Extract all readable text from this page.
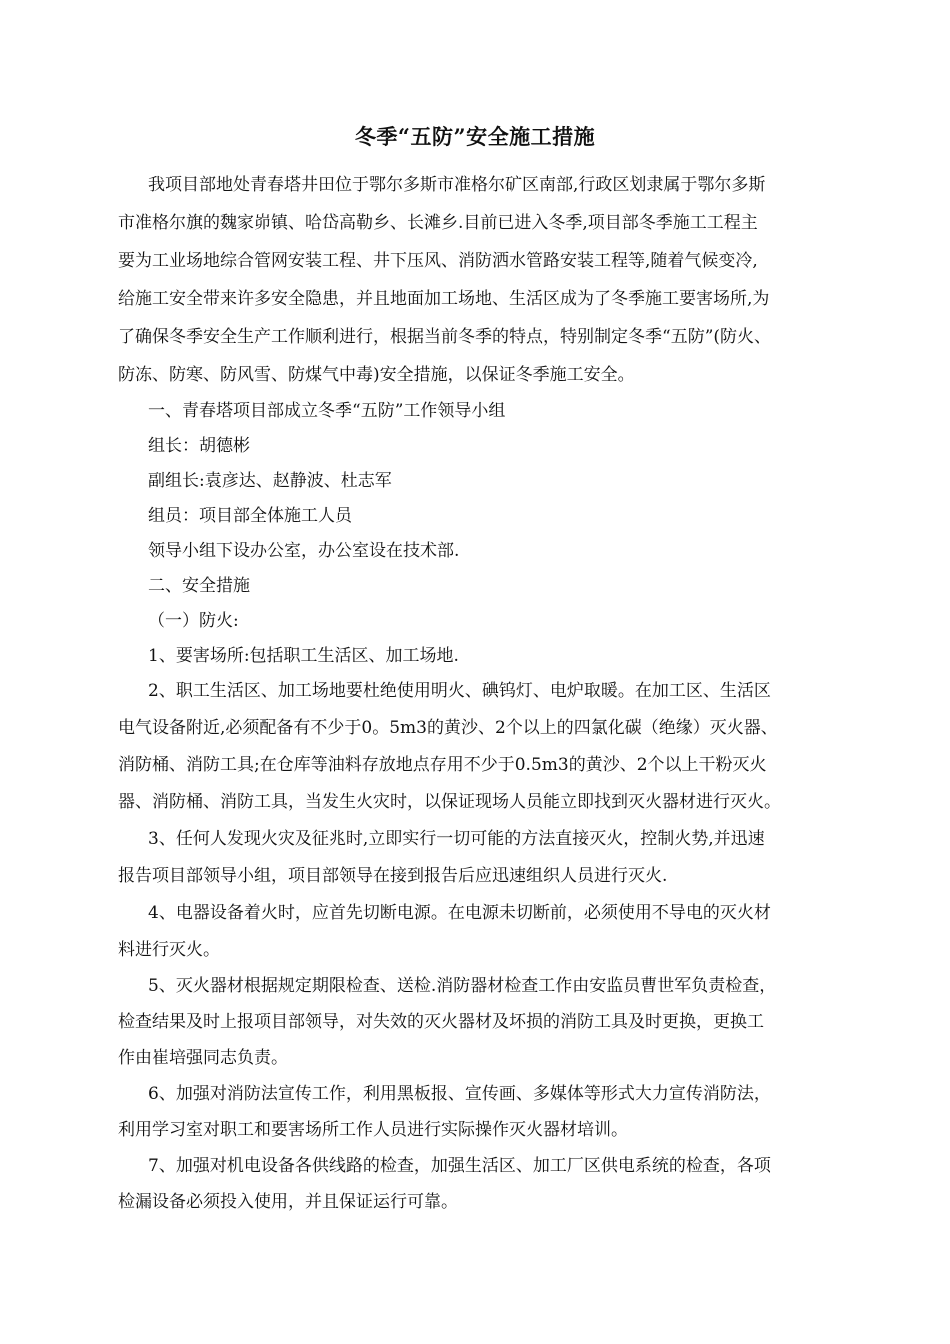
冬季“五防”安全施工措施
我项目部地处青春塔井田位于鄂尔多斯市准格尔矿区南部,行政区划隶属于鄂尔多斯
市准格尔旗的魏家峁镇、哈岱高勒乡、长滩乡.目前已进入冬季,项目部冬季施工工程主
要为工业场地综合管网安装工程、井下压风、消防洒水管路安装工程等,随着气候变冷,
给施工安全带来许多安全隐患，并且地面加工场地、生活区成为了冬季施工要害场所,为
了确保冬季安全生产工作顺利进行，根据当前冬季的特点，特别制定冬季“五防”(防火、
防冻、防寒、防风雪、防煤气中毒)安全措施，以保证冬季施工安全。
一、青春塔项目部成立冬季“五防”工作领导小组
组长：胡德彬
副组长:袁彦达、赵静波、杜志军
组员：项目部全体施工人员
领导小组下设办公室，办公室设在技术部.
二、安全措施
（一）防火:
1、要害场所:包括职工生活区、加工场地.
2、职工生活区、加工场地要杜绝使用明火、碘钨灯、电炉取暖。在加工区、生活区
电气设备附近,必须配备有不少于0。5m3的黄沙、2个以上的四氯化碳（绝缘）灭火器、
消防桶、消防工具;在仓库等油料存放地点存用不少于0.5m3的黄沙、2个以上干粉灭火
器、消防桶、消防工具，当发生火灾时，以保证现场人员能立即找到灭火器材进行灭火。
3、任何人发现火灾及征兆时,立即实行一切可能的方法直接灭火，控制火势,并迅速
报告项目部领导小组，项目部领导在接到报告后应迅速组织人员进行灭火.
4、电器设备着火时，应首先切断电源。在电源未切断前，必须使用不导电的灭火材
料进行灭火。
5、灭火器材根据规定期限检查、送检.消防器材检查工作由安监员曹世军负责检查，
检查结果及时上报项目部领导，对失效的灭火器材及坏损的消防工具及时更换，更换工
作由崔培强同志负责。
6、加强对消防法宣传工作，利用黑板报、宣传画、多媒体等形式大力宣传消防法，
利用学习室对职工和要害场所工作人员进行实际操作灭火器材培训。
7、加强对机电设备各供线路的检查，加强生活区、加工厂区供电系统的检查，各项
检漏设备必须投入使用，并且保证运行可靠。
